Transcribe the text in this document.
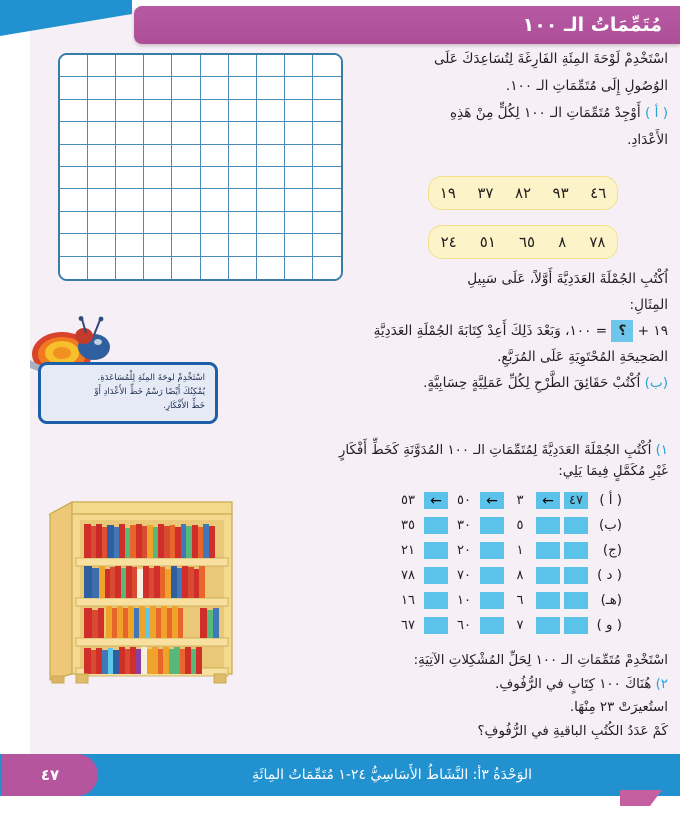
مُتَمِّمَاتُ الـ ١٠٠
اسْتَخْدِمْ لَوْحَةَ المِئَةِ الفَارِغَةَ لِتُسَاعِدَكَ عَلَى
الوُصُولِ إِلَى مُتَمِّمَاتِ الـ ١٠٠.
( أ ) أَوْجِدْ مُتَمِّمَاتِ الـ ١٠٠ لِكُلٍّ مِنْ هَذِهِ
الأَعْدَادِ.
١٩ ٣٧ ٨٢ ٩٣ ٤٦
٢٤ ٥١ ٦٥ ٨ ٧٨
اُكْتُبِ الجُمْلَةَ العَدَدِيَّةَ أَوَّلاً، عَلَى سَبِيلِ
المِثَالِ:
١٩ + ؟ = ١٠٠، وَبَعْدَ ذَلِكَ أَعِدْ كِتَابَةَ الجُمْلَةِ العَدَدِيَّةِ
الصَحِيحَةِ المُحْتَوِيَةِ عَلَى المُرَبَّعِ.
(ب) اُكْتُبْ حَقَائِقَ الطَّرْحِ لِكُلِّ عَمَلِيَّةٍ حِسَابِيَّةٍ.
اسْتَخْدِمْ لوحَةَ المِئَةِ لِلْمُسَاعَدَةِ.
يُمْكِنُكَ أَيْضًا رَسْمُ خَطِّ الأَعْدَادِ أَوْ
خَطِّ الأَفْكَارِ.
١) اُكْتُبِ الجُمْلَةَ العَدَدِيَّةَ لِمُتَمِّمَاتِ الـ ١٠٠ المُدَوَّنَةِ كَخَطِّ أَفْكَارٍ
غَيْرِ مُكَمَّلٍ فِيمَا يَلِي:
( أ )
٤٧
←
٣
←
٥٠
←
٥٣
(ب)
٥
٣٠
٣٥
(ج)
١
٢٠
٢١
( د )
٨
٧٠
٧٨
(هـ)
٦
١٠
١٦
( و )
٧
٦٠
٦٧
اسْتَخْدِمْ مُتَمِّمَاتِ الـ ١٠٠ لِحَلِّ المُشْكِلاتِ الآتِيَةِ:
٢) هُنَاكَ ١٠٠ كِتَابٍ في الرُّفُوفِ.
استُعيرَتْ ٢٣ مِنْهَا.
كَمْ عَدَدُ الكُتُبِ الباقيةِ في الرُّفُوفِ؟
الوَحْدَةُ ٣أ: النَّشَاطُ الأَسَاسِيُّ ٢٤-١ مُتَمِّمَاتُ المِائَةِ
٤٧
